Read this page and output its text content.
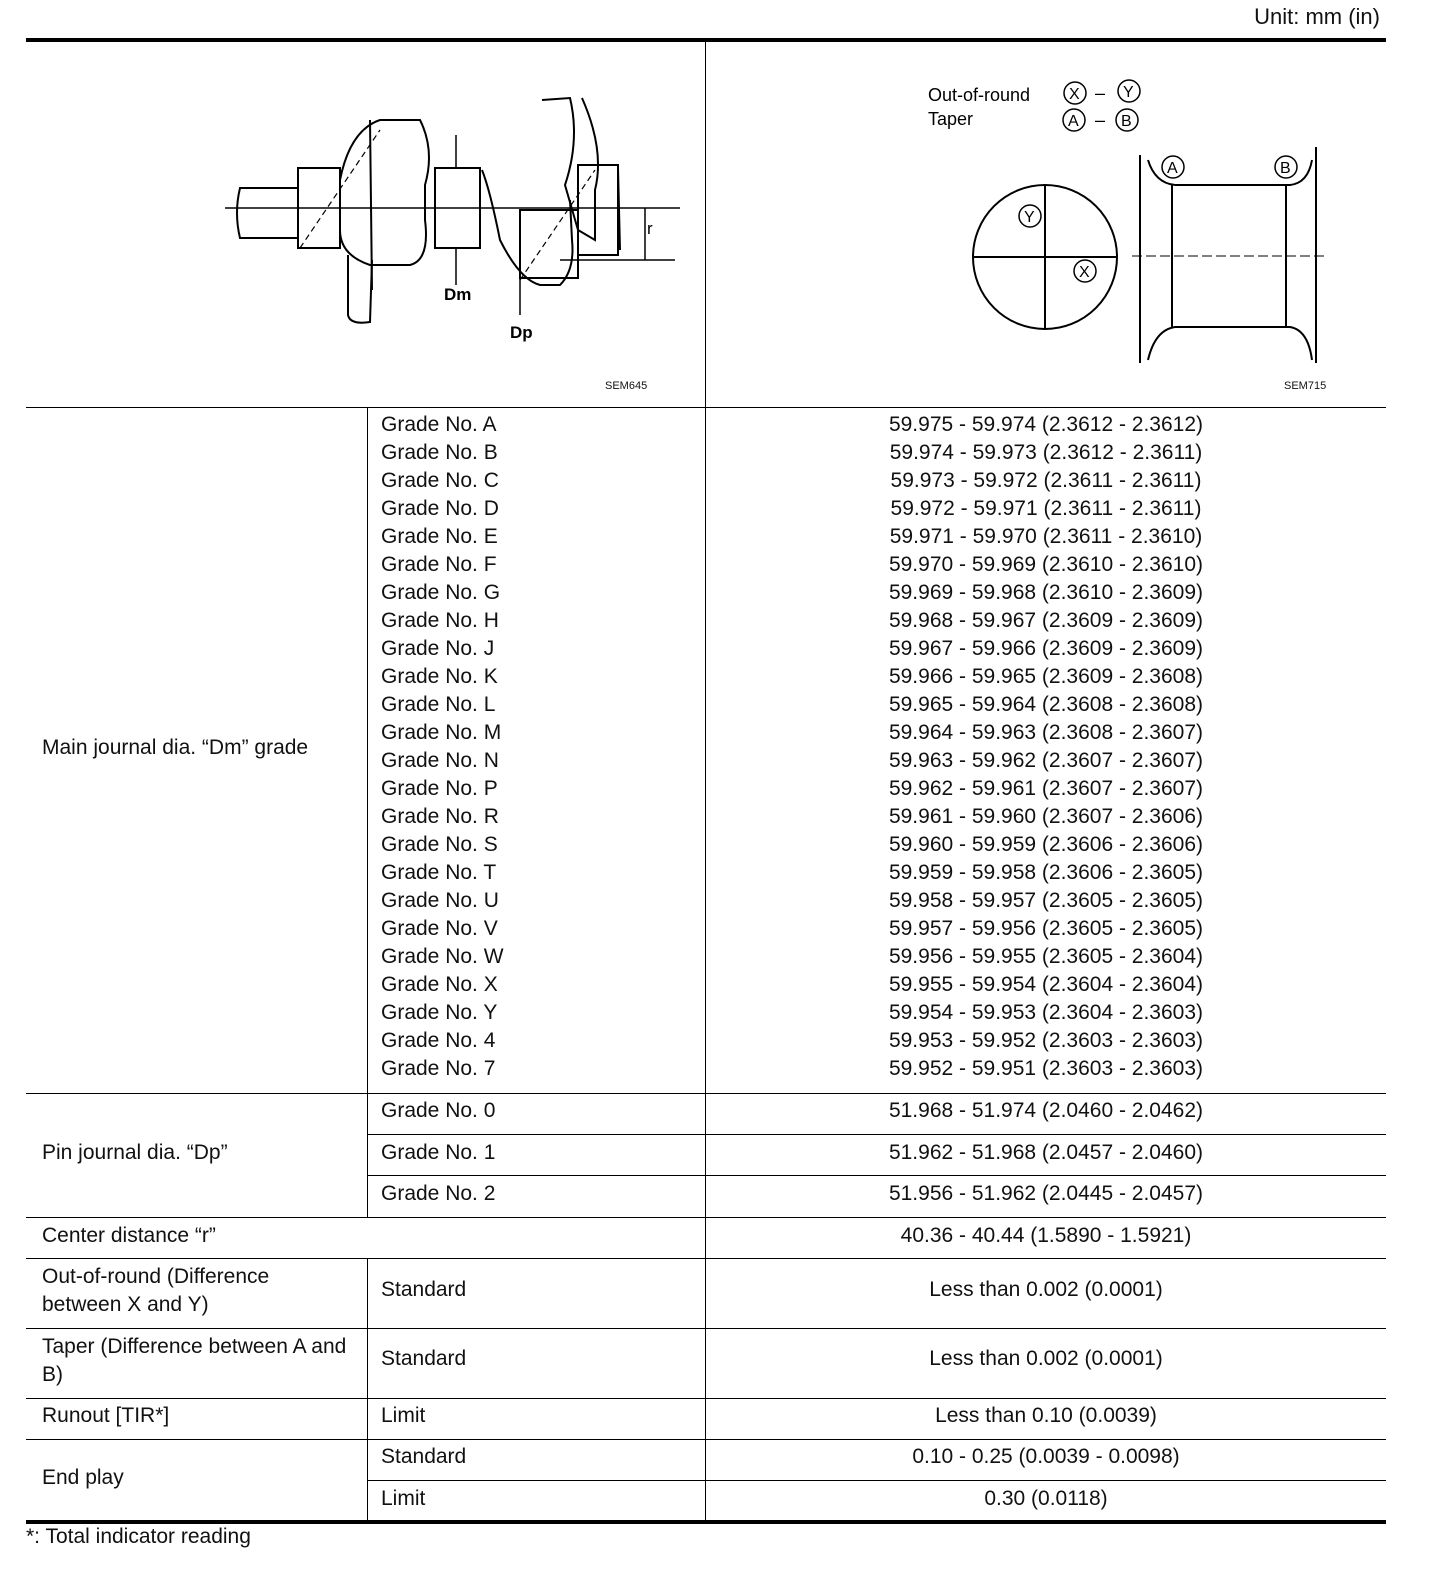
Unit: mm (in)
Dm
Dp
r
SEM645
Out-of-round
Taper
X – Y
A – B
Y
X
A	B
SEM715
Main journal dia. “Dm” grade
Grade No. A	59.975 - 59.974 (2.3612 - 2.3612)
Grade No. B	59.974 - 59.973 (2.3612 - 2.3611)
Grade No. C	59.973 - 59.972 (2.3611 - 2.3611)
Grade No. D	59.972 - 59.971 (2.3611 - 2.3611)
Grade No. E	59.971 - 59.970 (2.3611 - 2.3610)
Grade No. F	59.970 - 59.969 (2.3610 - 2.3610)
Grade No. G	59.969 - 59.968 (2.3610 - 2.3609)
Grade No. H	59.968 - 59.967 (2.3609 - 2.3609)
Grade No. J	59.967 - 59.966 (2.3609 - 2.3609)
Grade No. K	59.966 - 59.965 (2.3609 - 2.3608)
Grade No. L	59.965 - 59.964 (2.3608 - 2.3608)
Grade No. M	59.964 - 59.963 (2.3608 - 2.3607)
Grade No. N	59.963 - 59.962 (2.3607 - 2.3607)
Grade No. P	59.962 - 59.961 (2.3607 - 2.3607)
Grade No. R	59.961 - 59.960 (2.3607 - 2.3606)
Grade No. S	59.960 - 59.959 (2.3606 - 2.3606)
Grade No. T	59.959 - 59.958 (2.3606 - 2.3605)
Grade No. U	59.958 - 59.957 (2.3605 - 2.3605)
Grade No. V	59.957 - 59.956 (2.3605 - 2.3605)
Grade No. W	59.956 - 59.955 (2.3605 - 2.3604)
Grade No. X	59.955 - 59.954 (2.3604 - 2.3604)
Grade No. Y	59.954 - 59.953 (2.3604 - 2.3603)
Grade No. 4	59.953 - 59.952 (2.3603 - 2.3603)
Grade No. 7	59.952 - 59.951 (2.3603 - 2.3603)
Pin journal dia. “Dp”
Grade No. 0	51.968 - 51.974 (2.0460 - 2.0462)
Grade No. 1	51.962 - 51.968 (2.0457 - 2.0460)
Grade No. 2	51.956 - 51.962 (2.0445 - 2.0457)
Center distance “r”	40.36 - 40.44 (1.5890 - 1.5921)
Out-of-round (Difference between X and Y)
Standard	Less than 0.002 (0.0001)
Taper (Difference between A and B)
Standard	Less than 0.002 (0.0001)
Runout [TIR*]	Limit	Less than 0.10 (0.0039)
End play
Standard	0.10 - 0.25 (0.0039 - 0.0098)
Limit	0.30 (0.0118)
*: Total indicator reading
